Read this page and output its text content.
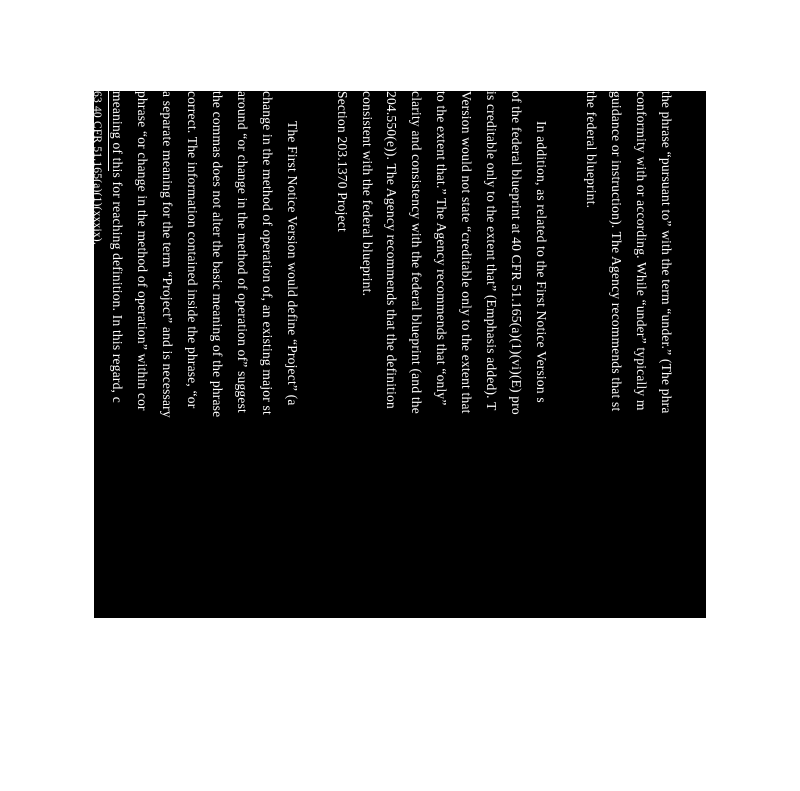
the phrase “pursuant to” with the term “under.” (The phra
conformity with or according. While “under” typically m
guidance or instruction). The Agency recommends that st
the federal blueprint.
In addition, as related to the First Notice Version s
of the federal blueprint at 40 CFR 51.165(a)(1)(vi)(E) pro
is creditable only to the extent that” (Emphasis added). T
Version would not state “creditable only to the extent that
to the extent that.” The Agency recommends that “only”
clarity and consistency with the federal blueprint (and the
204.550(e)). The Agency recommends that the definition
consistent with the federal blueprint.
Section 203.1370 Project
The First Notice Version would define “Project” (a
change in the method of operation of, an existing major st
around “or change in the method of operation of” suggest
the commas does not alter the basic meaning of the phrase
correct. The information contained inside the phrase, “or
a separate meaning for the term “Project” and is necessary
phrase “or change in the method of operation” within cor
meaning of this for reaching definition. In this regard, c
63 40 CFR 51.165(a)(1)(xxxix).
64 The First Notice Version included the same problematic phr
operation, in Sections 203.1220(a) and 203.1370(b). However,
63
